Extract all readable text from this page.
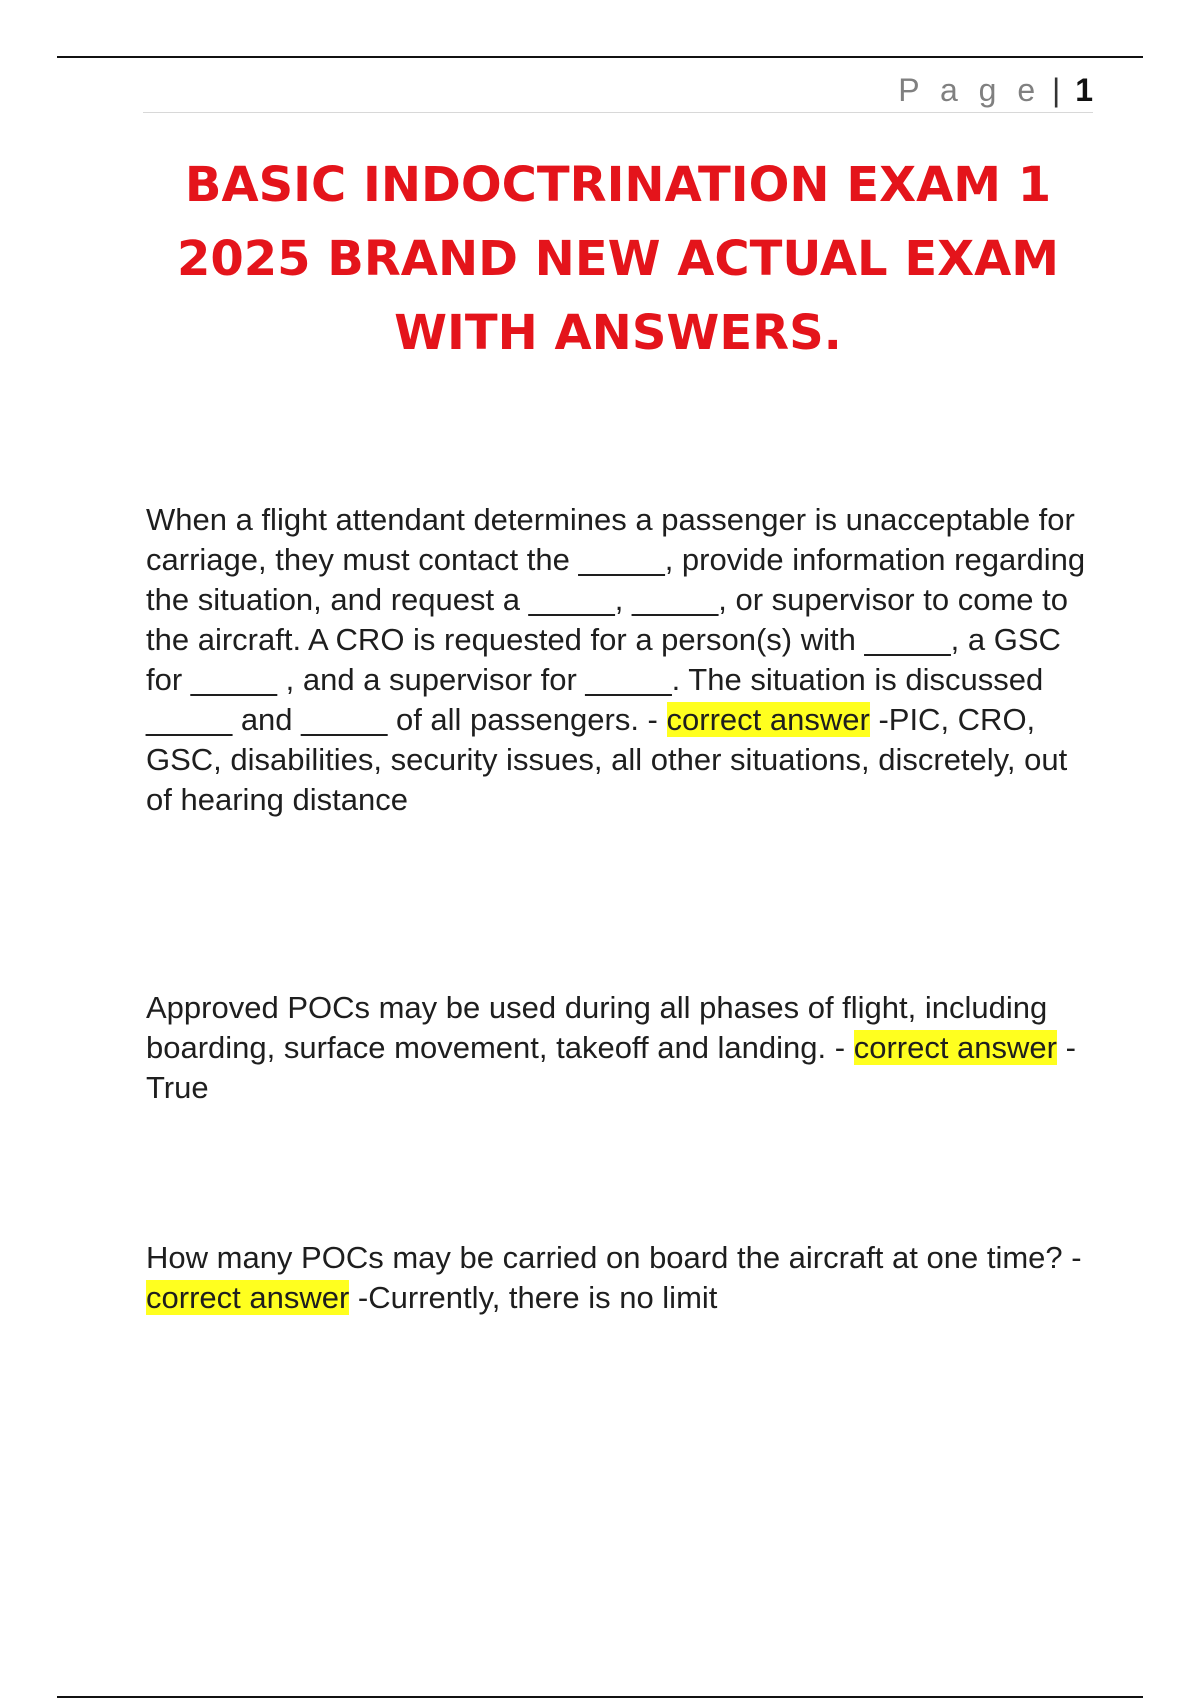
P a g e | 1
BASIC INDOCTRINATION EXAM 1
2025 BRAND NEW ACTUAL EXAM
WITH ANSWERS.

When a flight attendant determines a passenger is unacceptable for carriage, they must contact the _____, provide information regarding the situation, and request a _____, _____, or supervisor to come to the aircraft. A CRO is requested for a person(s) with _____, a GSC for _____ , and a supervisor for _____. The situation is discussed _____ and _____ of all passengers. - correct answer -PIC, CRO, GSC, disabilities, security issues, all other situations, discretely, out of hearing distance

Approved POCs may be used during all phases of flight, including boarding, surface movement, takeoff and landing. - correct answer -True

How many POCs may be carried on board the aircraft at one time? - correct answer -Currently, there is no limit
